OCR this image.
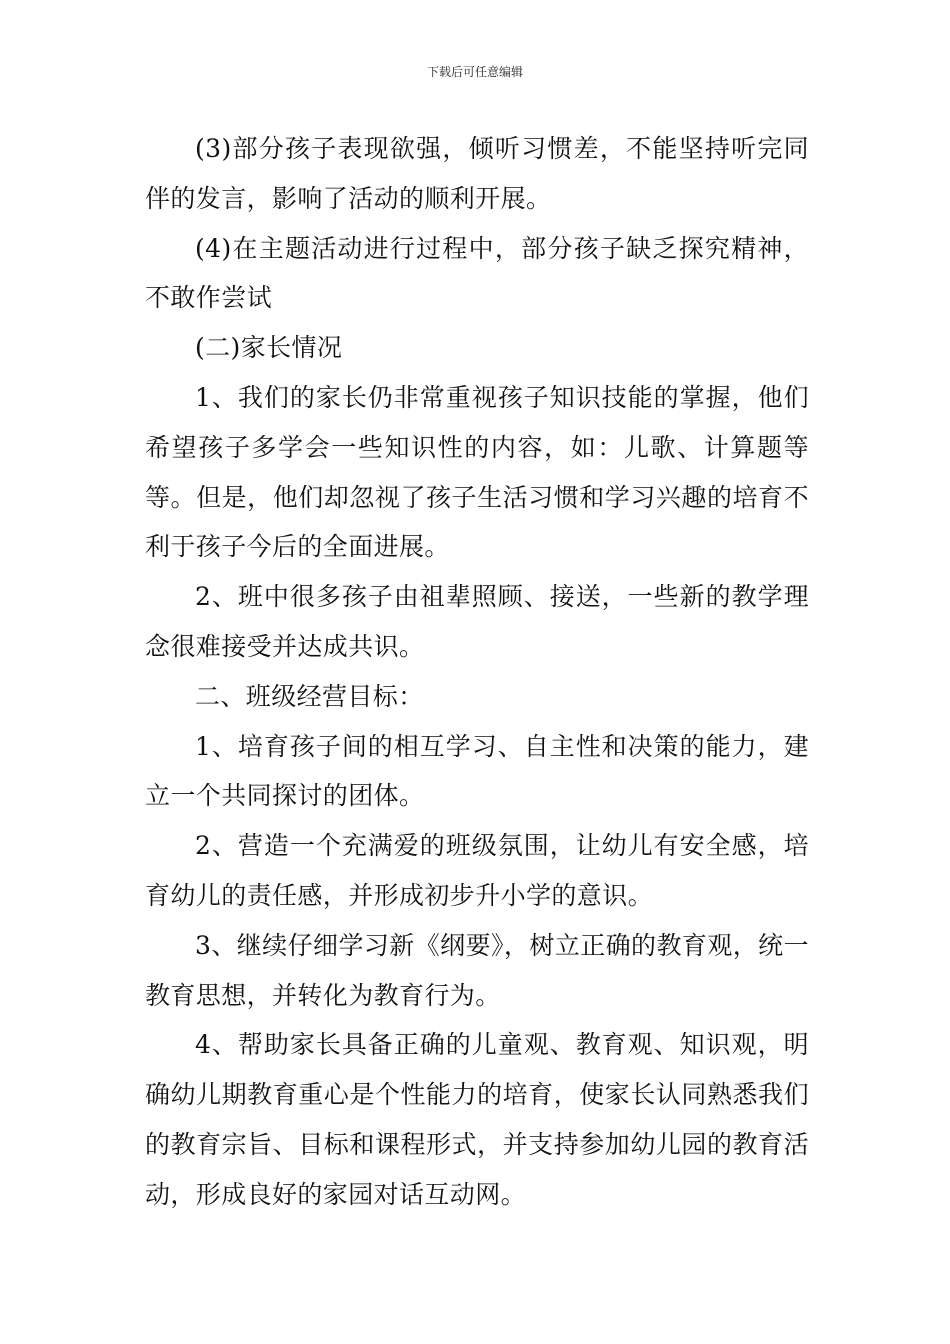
下载后可任意编辑

(3)部分孩子表现欲强，倾听习惯差，不能坚持听完同伴的发言，影响了活动的顺利开展。

(4)在主题活动进行过程中，部分孩子缺乏探究精神，不敢作尝试

(二)家长情况

1、我们的家长仍非常重视孩子知识技能的掌握，他们希望孩子多学会一些知识性的内容，如：儿歌、计算题等等。但是，他们却忽视了孩子生活习惯和学习兴趣的培育不利于孩子今后的全面进展。

2、班中很多孩子由祖辈照顾、接送，一些新的教学理念很难接受并达成共识。

二、班级经营目标：

1、培育孩子间的相互学习、自主性和决策的能力，建立一个共同探讨的团体。

2、营造一个充满爱的班级氛围，让幼儿有安全感，培育幼儿的责任感，并形成初步升小学的意识。

3、继续仔细学习新《纲要》，树立正确的教育观，统一教育思想，并转化为教育行为。

4、帮助家长具备正确的儿童观、教育观、知识观，明确幼儿期教育重心是个性能力的培育，使家长认同熟悉我们的教育宗旨、目标和课程形式，并支持参加幼儿园的教育活动，形成良好的家园对话互动网。
